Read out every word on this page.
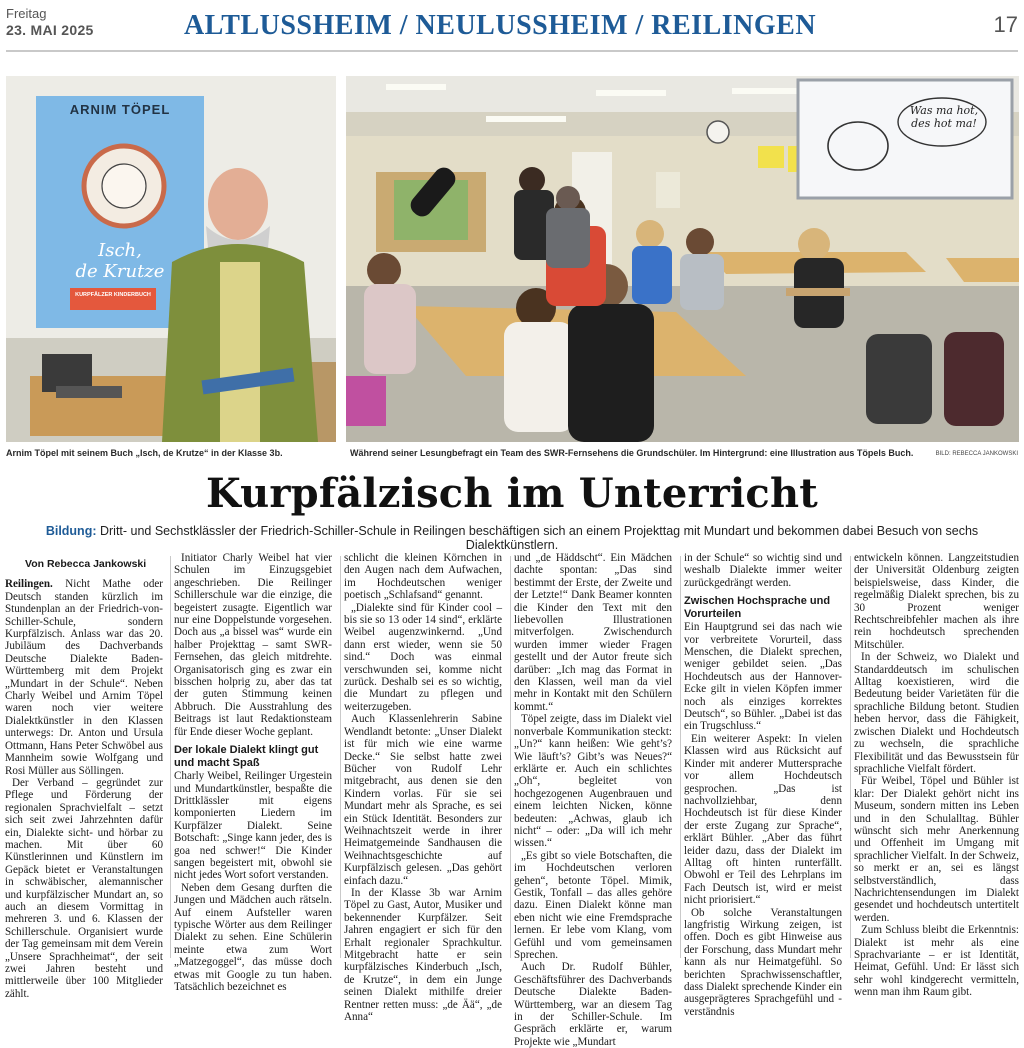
Freitag
23. MAI 2025	ALTLUSSHEIM / NEULUSSHEIM / REILINGEN	17
ARNIM TÖPEL
Isch,
de Krutze
KURPFÄLZER KINDERBUCH
Was ma hot,
des hot ma!
Arnim Töpel mit seinem Buch „Isch, de Krutze“ in der Klasse 3b.	Während seiner Lesungbefragt ein Team des SWR-Fernsehens die Grundschüler. Im Hintergrund: eine Illustration aus Töpels Buch.	BILD: REBECCA JANKOWSKI
Kurpfälzisch im Unterricht
Bildung: Dritt- und Sechstklässler der Friedrich-Schiller-Schule in Reilingen beschäftigen sich an einem Projekttag mit Mundart und bekommen dabei Besuch von sechs Dialektkünstlern.
Von Rebecca Jankowski

Reilingen. Nicht Mathe oder Deutsch standen kürzlich im Stundenplan an der Friedrich-von-Schiller-Schule, sondern Kurpfälzisch. Anlass war das 20. Jubiläum des Dachverbands Deutsche Dialekte Baden-Württemberg mit dem Projekt „Mundart in der Schule“. Neben Charly Weibel und Arnim Töpel waren noch vier weitere Dialektkünstler in den Klassen unterwegs: Dr. Anton und Ursula Ottmann, Hans Peter Schwöbel aus Mannheim sowie Wolfgang und Rosi Müller aus Söllingen.

Der Verband – gegründet zur Pflege und Förderung der regionalen Sprachvielfalt – setzt sich seit zwei Jahrzehnten dafür ein, Dialekte sicht- und hörbar zu machen. Mit über 60 Künstlerinnen und Künstlern im Gepäck bietet er Veranstaltungen in schwäbischer, alemannischer und kurpfälzischer Mundart an, so auch an diesem Vormittag in mehreren 3. und 6. Klassen der Schillerschule. Organisiert wurde der Tag gemeinsam mit dem Verein „Unsere Sprachheimat“, der seit zwei Jahren besteht und mittlerweile über 100 Mitglieder zählt.

Initiator Charly Weibel hat vier Schulen im Einzugsgebiet angeschrieben. Die Reilinger Schillerschule war die einzige, die begeistert zusagte. Eigentlich war nur eine Doppelstunde vorgesehen. Doch aus „a bissel was“ wurde ein halber Projekttag – samt SWR-Fernsehen, das gleich mitdrehte. Organisatorisch ging es zwar ein bisschen holprig zu, aber das tat der guten Stimmung keinen Abbruch. Die Ausstrahlung des Beitrags ist laut Redaktionsteam für Ende dieser Woche geplant.

Der lokale Dialekt klingt gut und macht Spaß

Charly Weibel, Reilinger Urgestein und Mundartkünstler, bespaßte die Drittklässler mit eigens komponierten Liedern im Kurpfälzer Dialekt. Seine Botschaft: „Singe kann jeder, des is goa ned schwer!“ Die Kinder sangen begeistert mit, obwohl sie nicht jedes Wort sofort verstanden.

Neben dem Gesang durften die Jungen und Mädchen auch rätseln. Auf einem Aufsteller waren typische Wörter aus dem Reilinger Dialekt zu sehen. Eine Schülerin meinte etwa zum Wort „Matzegoggel“, das müsse doch etwas mit Google zu tun haben. Tatsächlich bezeichnet es

schlicht die kleinen Körnchen in den Augen nach dem Aufwachen, im Hochdeutschen weniger poetisch „Schlafsand“ genannt.

„Dialekte sind für Kinder cool – bis sie so 13 oder 14 sind“, erklärte Weibel augenzwinkernd. „Und dann erst wieder, wenn sie 50 sind.“ Doch was einmal verschwunden sei, komme nicht zurück. Deshalb sei es so wichtig, die Mundart zu pflegen und weiterzugeben.

Auch Klassenlehrerin Sabine Wendlandt betonte: „Unser Dialekt ist für mich wie eine warme Decke.“ Sie selbst hatte zwei Bücher von Rudolf Lehr mitgebracht, aus denen sie den Kindern vorlas. Für sie sei Mundart mehr als Sprache, es sei ein Stück Identität. Besonders zur Weihnachtszeit werde in ihrer Heimatgemeinde Sandhausen die Weihnachtsgeschichte auf Kurpfälzisch gelesen. „Das gehört einfach dazu.“

In der Klasse 3b war Arnim Töpel zu Gast, Autor, Musiker und bekennender Kurpfälzer. Seit Jahren engagiert er sich für den Erhalt regionaler Sprachkultur. Mitgebracht hatte er sein kurpfälzisches Kinderbuch „Isch, de Krutze“, in dem ein Junge seinen Dialekt mithilfe dreier Rentner retten muss: „de Ää“, „de Anna“

und „de Häddscht“. Ein Mädchen dachte spontan: „Das sind bestimmt der Erste, der Zweite und der Letzte!“ Dank Beamer konnten die Kinder den Text mit den liebevollen Illustrationen mitverfolgen. Zwischendurch wurden immer wieder Fragen gestellt und der Autor freute sich darüber: „Ich mag das Format in den Klassen, weil man da viel mehr in Kontakt mit den Schülern kommt.“

Töpel zeigte, dass im Dialekt viel nonverbale Kommunikation steckt: „Un?“ kann heißen: Wie geht’s? Wie läuft’s? Gibt’s was Neues?“ erklärte er. Auch ein schlichtes „Oh“, begleitet von hochgezogenen Augenbrauen und einem leichten Nicken, könne bedeuten: „Achwas, glaub ich nicht“ – oder: „Da will ich mehr wissen.“

„Es gibt so viele Botschaften, die im Hochdeutschen verloren gehen“, betonte Töpel. Mimik, Gestik, Tonfall – das alles gehöre dazu. Einen Dialekt könne man eben nicht wie eine Fremdsprache lernen. Er lebe vom Klang, vom Gefühl und vom gemeinsamen Sprechen.

Auch Dr. Rudolf Bühler, Geschäftsführer des Dachverbands Deutsche Dialekte Baden-Württemberg, war an diesem Tag in der Schiller-Schule. Im Gespräch erklärte er, warum Projekte wie „Mundart

in der Schule“ so wichtig sind und weshalb Dialekte immer weiter zurückgedrängt werden.

Zwischen Hochsprache und Vorurteilen

Ein Hauptgrund sei das nach wie vor verbreitete Vorurteil, dass Menschen, die Dialekt sprechen, weniger gebildet seien. „Das Hochdeutsch aus der Hannover-Ecke gilt in vielen Köpfen immer noch als einziges korrektes Deutsch“, so Bühler. „Dabei ist das ein Trugschluss.“

Ein weiterer Aspekt: In vielen Klassen wird aus Rücksicht auf Kinder mit anderer Muttersprache vor allem Hochdeutsch gesprochen. „Das ist nachvollziehbar, denn Hochdeutsch ist für diese Kinder der erste Zugang zur Sprache“, erklärt Bühler. „Aber das führt leider dazu, dass der Dialekt im Alltag oft hinten runterfällt. Obwohl er Teil des Lehrplans im Fach Deutsch ist, wird er meist nicht priorisiert.“

Ob solche Veranstaltungen langfristig Wirkung zeigen, ist offen. Doch es gibt Hinweise aus der Forschung, dass Mundart mehr kann als nur Heimatgefühl. So berichten Sprachwissenschaftler, dass Dialekt sprechende Kinder ein ausgeprägteres Sprachgefühl und -verständnis

entwickeln können. Langzeitstudien der Universität Oldenburg zeigten beispielsweise, dass Kinder, die regelmäßig Dialekt sprechen, bis zu 30 Prozent weniger Rechtschreibfehler machen als ihre rein hochdeutsch sprechenden Mitschüler.

In der Schweiz, wo Dialekt und Standarddeutsch im schulischen Alltag koexistieren, wird die Bedeutung beider Varietäten für die sprachliche Bildung betont. Studien heben hervor, dass die Fähigkeit, zwischen Dialekt und Hochdeutsch zu wechseln, die sprachliche Flexibilität und das Bewusstsein für sprachliche Vielfalt fördert.

Für Weibel, Töpel und Bühler ist klar: Der Dialekt gehört nicht ins Museum, sondern mitten ins Leben und in den Schulalltag. Bühler wünscht sich mehr Anerkennung und Offenheit im Umgang mit sprachlicher Vielfalt. In der Schweiz, so merkt er an, sei es längst selbstverständlich, dass Nachrichtensendungen im Dialekt gesendet und hochdeutsch untertitelt werden.

Zum Schluss bleibt die Erkenntnis: Dialekt ist mehr als eine Sprachvariante – er ist Identität, Heimat, Gefühl. Und: Er lässt sich sehr wohl kindgerecht vermitteln, wenn man ihm Raum gibt.
